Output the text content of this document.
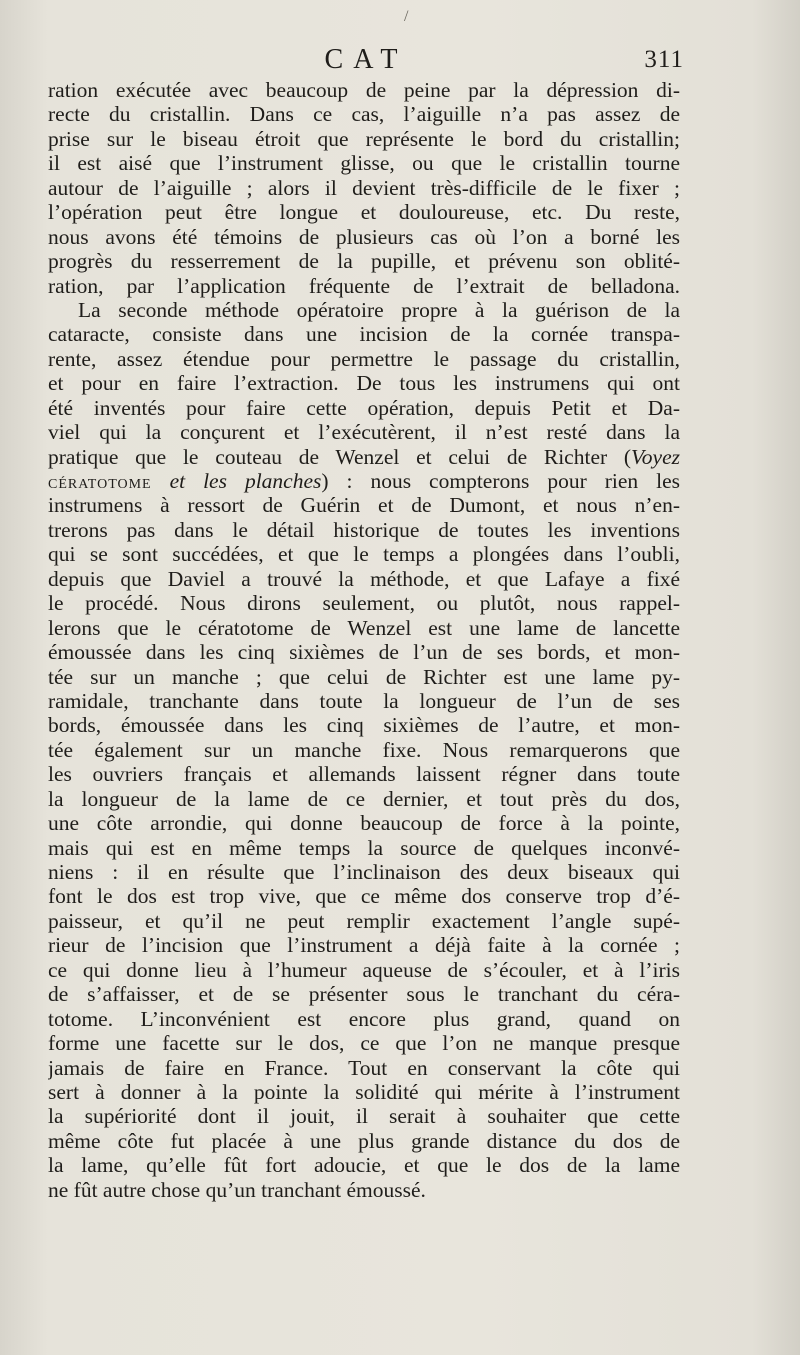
/
CAT	311
ration exécutée avec beaucoup de peine par la dépression di-
recte du cristallin. Dans ce cas, l’aiguille n’a pas assez de
prise sur le biseau étroit que représente le bord du cristallin;
il est aisé que l’instrument glisse, ou que le cristallin tourne
autour de l’aiguille ; alors il devient très-difficile de le fixer ;
l’opération peut être longue et douloureuse, etc. Du reste,
nous avons été témoins de plusieurs cas où l’on a borné les
progrès du resserrement de la pupille, et prévenu son oblité-
ration, par l’application fréquente de l’extrait de belladona.
La seconde méthode opératoire propre à la guérison de la
cataracte, consiste dans une incision de la cornée transpa-
rente, assez étendue pour permettre le passage du cristallin,
et pour en faire l’extraction. De tous les instrumens qui ont
été inventés pour faire cette opération, depuis Petit et Da-
viel qui la conçurent et l’exécutèrent, il n’est resté dans la
pratique que le couteau de Wenzel et celui de Richter (Voyez
CÉRATOTOME et les planches) : nous compterons pour rien les
instrumens à ressort de Guérin et de Dumont, et nous n’en-
trerons pas dans le détail historique de toutes les inventions
qui se sont succédées, et que le temps a plongées dans l’oubli,
depuis que Daviel a trouvé la méthode, et que Lafaye a fixé
le procédé. Nous dirons seulement, ou plutôt, nous rappel-
lerons que le cératotome de Wenzel est une lame de lancette
émoussée dans les cinq sixièmes de l’un de ses bords, et mon-
tée sur un manche ; que celui de Richter est une lame py-
ramidale, tranchante dans toute la longueur de l’un de ses
bords, émoussée dans les cinq sixièmes de l’autre, et mon-
tée également sur un manche fixe. Nous remarquerons que
les ouvriers français et allemands laissent régner dans toute
la longueur de la lame de ce dernier, et tout près du dos,
une côte arrondie, qui donne beaucoup de force à la pointe,
mais qui est en même temps la source de quelques inconvé-
niens : il en résulte que l’inclinaison des deux biseaux qui
font le dos est trop vive, que ce même dos conserve trop d’é-
paisseur, et qu’il ne peut remplir exactement l’angle supé-
rieur de l’incision que l’instrument a déjà faite à la cornée ;
ce qui donne lieu à l’humeur aqueuse de s’écouler, et à l’iris
de s’affaisser, et de se présenter sous le tranchant du céra-
totome. L’inconvénient est encore plus grand, quand on
forme une facette sur le dos, ce que l’on ne manque presque
jamais de faire en France. Tout en conservant la côte qui
sert à donner à la pointe la solidité qui mérite à l’instrument
la supériorité dont il jouit, il serait à souhaiter que cette
même côte fut placée à une plus grande distance du dos de
la lame, qu’elle fût fort adoucie, et que le dos de la lame
ne fût autre chose qu’un tranchant émoussé.
